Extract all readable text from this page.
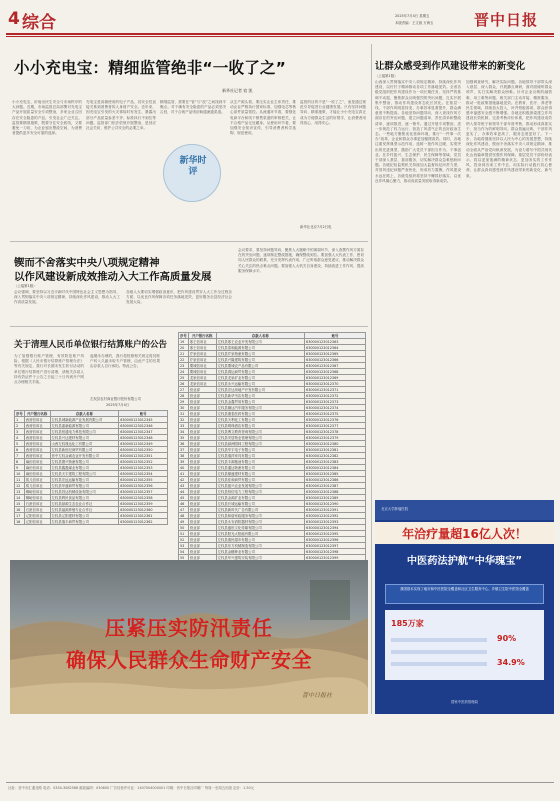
4 综合	2025年7月4日 星期五
本版责编：王文琼 万海玉	晋中日报
小小充电宝：精细监管绝非“一收了之”
新华社记者 宿 凯
新华时评
小小充电宝，折射出民生安全与市场秩序的大问题。近期，市场监管总局部署对充电宝产品开展质量安全专项整治，多家企业召回存在安全隐患的产品，引发社会广泛关注。监管要精准施策，既要守住安全底线，又要避免一刀切，为企业留出整改空间，为消费者提供更多安全可靠的选择。
充电宝是高频使用的电子产品，其安全性直接关系到消费者的人身财产安全。近年来，因充电宝引发的火灾事故时有发生，暴露出部分产品质量参差不齐、标准执行不到位等问题。监管部门依法依规开展整治，是回应社会关切、维护公共安全的必要之举。
精细监管，需要在“管”与“放”之间找到平衡点。对于确有安全隐患的产品必须坚决召回，对于合规产品则应畅通流通渠道。
从生产源头看，要压实企业主体责任，推动企业严格执行国家标准，加强电芯等核心部件质量管控。从流通环节看，要强化电商平台和线下销售渠道的审核把关，让不合格产品无处藏身。从使用环节看，要加强安全知识宣传，引导消费者科学选购、规范使用。
监管的目的不是“一收了之”，而是通过规范引导促进行业健康发展。只有坚持问题导向、精准施策，才能让小小充电宝真正成为方便群众生活的好帮手，让消费者用得放心、用得安心。
新华社北京7月2日电
让群众感受到作风建设带来的新变化
（上接第1版）
山西深入贯彻落实中央八项规定精神，持续深化作风建设，以钉钉子精神推动各项工作落地见效。全省各级党组织把作风建设作为一项长期任务，坚持严的基调不动摇，聚焦群众反映强烈的突出问题，扎实开展集中整治，推动作风建设常态化长效化。在基层一线，干部作风明显转变，办事效率显著提升，群众满意度不断提高。各地坚持问题导向，深入查找作风方面存在的突出问题，建立问题清单、责任清单和整改清单，逐项推进、逐一销号。通过开展专项整治，进一步规范了权力运行，营造了风清气正的良好政治生态。一些地方聚焦优化营商环境，推行“一件事一次办”改革，企业和群众办事更加便捷高效。同时，各地注重发挥典型示范作用，选树一批作风过硬、实绩突出的先进典型，激励广大党员干部担当作为、干事创业。在乡村振兴、生态保护、民生保障等领域，党员干部深入基层、靠前服务，切实解决群众急难愁盼问题。各级纪检监察机关持续加大监督执纪问责力度，对顶风违纪问题严查快处，形成有力震慑。作风建设永远在路上，各级党组织将坚持不懈抓好落实，以优良作风凝心聚力，推动高质量发展取得新成效。
加强调查研究，解决实际问题。各地领导干部带头深入基层、深入群众，开展蹲点调研，面对面倾听群众呼声，实打实解决群众困难。针对企业反映的融资难、用工难等问题，相关部门主动对接、精准服务，推动一批政策措施落地见效。在教育、医疗、养老等民生领域，持续加大投入，补齐短板弱项，群众获得感幸福感安全感不断增强。各地还积极探索建立作风建设长效机制，完善考核评价体系，把作风建设成效纳入领导班子和领导干部年度考核，推动形成真抓实干、担当作为的鲜明导向。群众普遍反映，干部作风更实了，办事效率更高了，服务态度更好了。下一步，各地将继续坚持以人民为中心的发展思想，持续深化作风建设，锲而不舍落实中央八项规定精神，推动全面从严治党向纵深发展，为奋力谱写中国式现代化山西篇章提供坚强作风保障。基层党员干部纷纷表示，将以更加饱满的精神状态、更加务实的工作作风，投身到各项工作中去，用实际行动践行初心使命，让群众真切感受到作风建设带来的新变化、新气象。
锲而不舍落实中央八项规定精神
以作风建设新成效推动入大工作高质量发展
（上接第1版）
会议强调，要坚持以习近平新时代中国特色社会主义思想为指导，深入贯彻落实中央八项规定精神，持续深化作风建设，推动人大工作高质量发展。
各级人大要切实增强政治意识，把作风建设贯穿人大工作全过程各方面，以优良作风保障各项任务落地见效，更好服务全县经济社会发展大局。
会议要求，要坚持问题导向，聚焦人大履职中的薄弱环节，深入查摆作风方面存在的突出问题，逐项制定整改措施，确保整改到位。要加强人大代表工作，密切同人民群众的联系，充分发挥代表作用，广泛听取群众意见建议，推动解决群众关心关注的热点难点问题。要加强人大机关自身建设，持续改进工作作风，提高服务保障水平。
关于清理人民币单位银行结算账户的公告
为了加强银行账户管理，有效防范账户风险，根据《人民币银行结算账户管理办法》等有关规定，我行对长期未发生收付活动的单位银行结算账户进行清理，请相关存款人持有效证件于公告之日起三十日内到开户网点办理相关手续。
逾期未办理的，我行将按照相关规定将其账户转入久悬未取专户管理，由此产生的后果由存款人自行承担。特此公告。
左权县农村商业银行股份有限公司
2025年7月4日
序号	开户银行名称	存款人名称	账号
1	西营信用社	左权县城新能源产业发展有限公司	630000123012345
2	西营信用社	左权县嘉新能源有限公司	630000123012346
3	西营信用社	左权县恒通电力科技有限公司	630000123012347
4	西营信用社	左权县兴达建材有限公司	630000123012348
5	西营信用社	山西左权晟达化工有限公司	630000123012349
6	西营信用社	左权县新世纪商贸有限公司	630000123012350
7	西营信用社	晋中左权众诚农业开发有限公司	630000123012351
8	麻田信用社	左权县德兴物流有限公司	630000123012352
9	麻田信用社	左权县鑫磊煤业有限公司	630000123012353
10	麻田信用社	左权县天宇建筑工程有限公司	630000123012354
11	拐儿信用社	左权县宏远运输有限公司	630000123012355
12	拐儿信用社	左权县华盛商贸有限公司	630000123012356
13	桐峪信用社	左权县昌达机械设备有限公司	630000123012357
14	桐峪信用社	左权县利民食品有限公司	630000123012358
15	石匣信用社	左权县绿源生态农业合作社	630000123012359
16	石匣信用社	左权县福源养殖专业合作社	630000123012360
17	辽阳信用社	左权县辽阳建材有限公司	630000123012361
18	辽阳信用社	左权县瑞丰商贸有限公司	630000123012362
序号	开户银行名称	存款人名称	账号
19	寒王信用社	左权县寒王农业开发有限公司	630000123012363
20	寒王信用社	左权县泰和能源有限公司	630000123012364
21	芹泉信用社	左权县芹泉物流有限公司	630000123012365
22	芹泉信用社	左权县兴隆建筑有限公司	630000123012366
23	粟城信用社	左权县粟城农产品有限公司	630000123012367
24	粟城信用社	左权县鸿运商贸有限公司	630000123012368
25	龙泉信用社	左权县龙泉矿业有限公司	630000123012369
26	龙泉信用社	左权县永兴运输有限公司	630000123012370
27	营业部	左权县宏达房地产开发有限公司	630000123012371
28	营业部	左权县新华书店有限公司	630000123012372
29	营业部	左权县金鑫贸易有限公司	630000123012373
30	营业部	左权县顺达汽车服务有限公司	630000123012374
31	营业部	左权县康泰医药有限公司	630000123012375
32	营业部	左权县天利化工有限公司	630000123012376
33	营业部	左权县明珠酒店有限公司	630000123012377
34	营业部	左权县博文教育咨询有限公司	630000123012378
35	营业部	左权县安居物业管理有限公司	630000123012379
36	营业部	左权县绿洲园林工程有限公司	630000123012380
37	营业部	左权县华宇电子有限公司	630000123012381
38	营业部	左权县瑞祥家具有限公司	630000123012382
39	营业部	左权县丰源粮油有限公司	630000123012383
40	营业部	左权县通达物流有限公司	630000123012384
41	营业部	左权县鼎盛建材有限公司	630000123012385
42	营业部	左权县佳和商贸有限公司	630000123012386
43	营业部	左权县振兴农业发展有限公司	630000123012387
44	营业部	左权县恒信电力工程有限公司	630000123012388
45	营业部	左权县金源矿业有限公司	630000123012389
46	营业部	左权县长城运输有限公司	630000123012390
47	营业部	左权县新时代广告有限公司	630000123012391
48	营业部	左权县和谐家政服务有限公司	630000123012392
49	营业部	左权县永安消防器材有限公司	630000123012393
50	营业部	左权县盛世文化传媒有限公司	630000123012394
51	营业部	左权县阳光太阳能有限公司	630000123012395
52	营业部	左权县惠民超市有限公司	630000123012396
53	营业部	左权县东方机械制造有限公司	630000123012397
54	营业部	左权县金穗种业有限公司	630000123012398
55	营业部	左权县华兴建筑安装有限公司	630000123012399
压紧压实防汛责任
确保人民群众生命财产安全
晋中日报社
北京大学肿瘤医院
年洽疗量超16亿人次！
中医药法护航“中华瑰宝”
我国基本实现了地市和中医医院全覆盖和社区卫生服务中心、乡镇卫生院中医馆全覆盖
185万家
90%
34.9%
国家中医药管理局
社址：晋中市汇通北路 电话：0354-3082588 邮政编码：030600 广告经营许可证：1407004000001 印刷：晋中日报社印刷厂 每周一至周五出版 定价：1.50元
